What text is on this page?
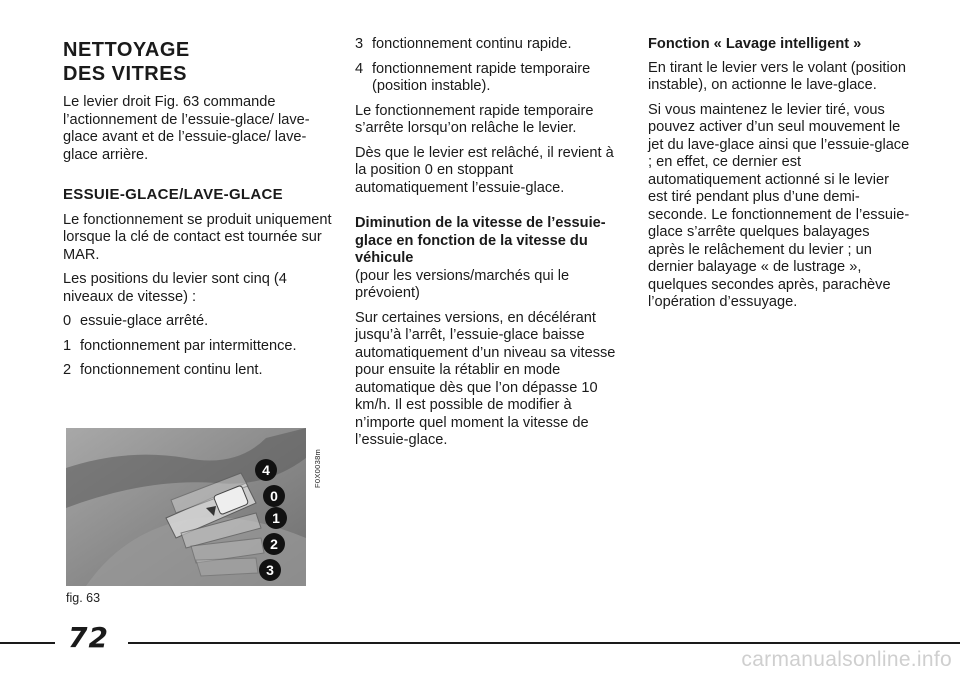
NETTOYAGE
DES VITRES

Le levier droit Fig. 63 commande l’actionnement de l’essuie-glace/ lave-glace avant et de l’essuie-glace/ lave-glace arrière.

ESSUIE-GLACE/LAVE-GLACE

Le fonctionnement se produit uniquement lorsque la clé de contact est tournée sur MAR.

Les positions du levier sont cinq (4 niveaux de vitesse) :

0 essuie-glace arrêté.
1 fonctionnement par intermittence.
2 fonctionnement continu lent.
4
0
1
2
3
F0X0038m
fig. 63
3 fonctionnement continu rapide.
4 fonctionnement rapide temporaire (position instable).

Le fonctionnement rapide temporaire s’arrête lorsqu’on relâche le levier.

Dès que le levier est relâché, il revient à la position 0 en stoppant automatiquement l’essuie-glace.

Diminution de la vitesse de l’essuie-glace en fonction de la vitesse du véhicule

(pour les versions/marchés qui le prévoient)

Sur certaines versions, en décélérant jusqu’à l’arrêt, l’essuie-glace baisse automatiquement d’un niveau sa vitesse pour ensuite la rétablir en mode automatique dès que l’on dépasse 10 km/h. Il est possible de modifier à n’importe quel moment la vitesse de l’essuie-glace.

Fonction « Lavage intelligent »

En tirant le levier vers le volant (position instable), on actionne le lave-glace.

Si vous maintenez le levier tiré, vous pouvez activer d’un seul mouvement le jet du lave-glace ainsi que l’essuie-glace ; en effet, ce dernier est automatiquement actionné si le levier est tiré pendant plus d’une demi-seconde. Le fonctionnement de l’essuie-glace s’arrête quelques balayages après le relâchement du levier ; un dernier balayage « de lustrage », quelques secondes après, parachève l’opération d’essuyage.

72
carmanualsonline.info
